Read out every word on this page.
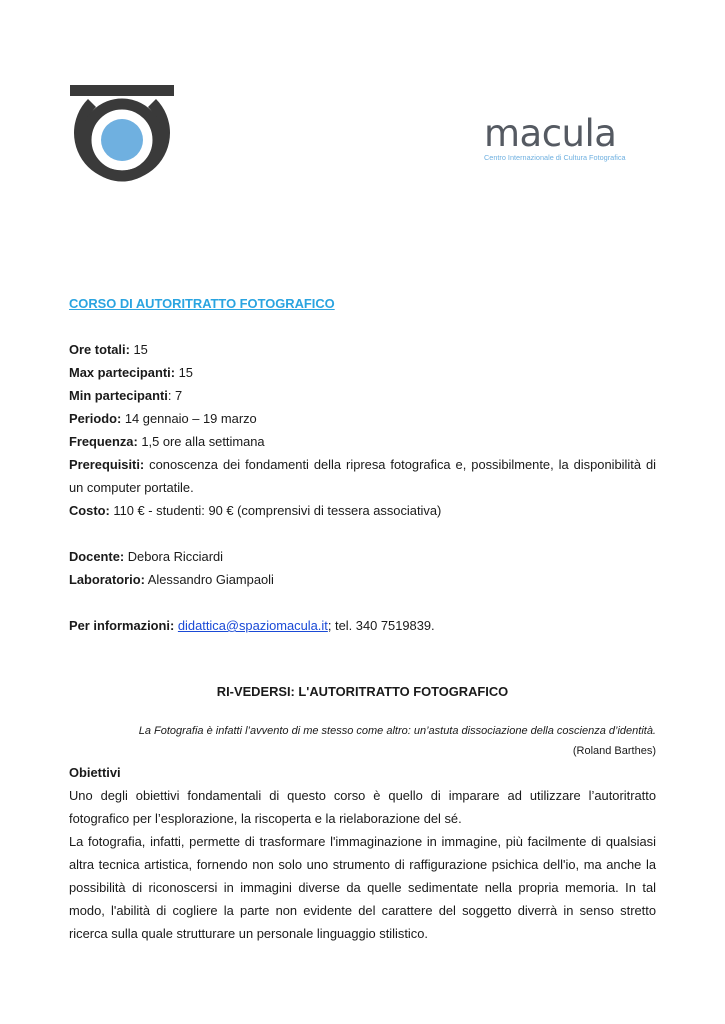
macula
Centro Internazionale di Cultura Fotografica

CORSO DI AUTORITRATTO FOTOGRAFICO

Ore totali: 15

Max partecipanti: 15

Min partecipanti: 7

Periodo: 14 gennaio – 19 marzo

Frequenza: 1,5 ore alla settimana

Prerequisiti: conoscenza dei fondamenti della ripresa fotografica e, possibilmente, la disponibilità di un computer portatile.

Costo: 110 € - studenti: 90 € (comprensivi di tessera associativa)

Docente: Debora Ricciardi

Laboratorio: Alessandro Giampaoli

Per informazioni: didattica@spaziomacula.it; tel. 340 7519839.

RI-VEDERSI: L'AUTORITRATTO FOTOGRAFICO

La Fotografia è infatti l’avvento di me stesso come altro: un’astuta dissociazione della coscienza d’identità.

(Roland Barthes)

Obiettivi

Uno degli obiettivi fondamentali di questo corso è quello di imparare ad utilizzare l’autoritratto fotografico per l’esplorazione, la riscoperta e la rielaborazione del sé.

La fotografia, infatti, permette di trasformare l'immaginazione in immagine, più facilmente di qualsiasi altra tecnica artistica, fornendo non solo uno strumento di raffigurazione psichica dell'io, ma anche la possibilità di riconoscersi in immagini diverse da quelle sedimentate nella propria memoria. In tal modo, l'abilità di cogliere la parte non evidente del carattere del soggetto diverrà in senso stretto ricerca sulla quale strutturare un personale linguaggio stilistico.
